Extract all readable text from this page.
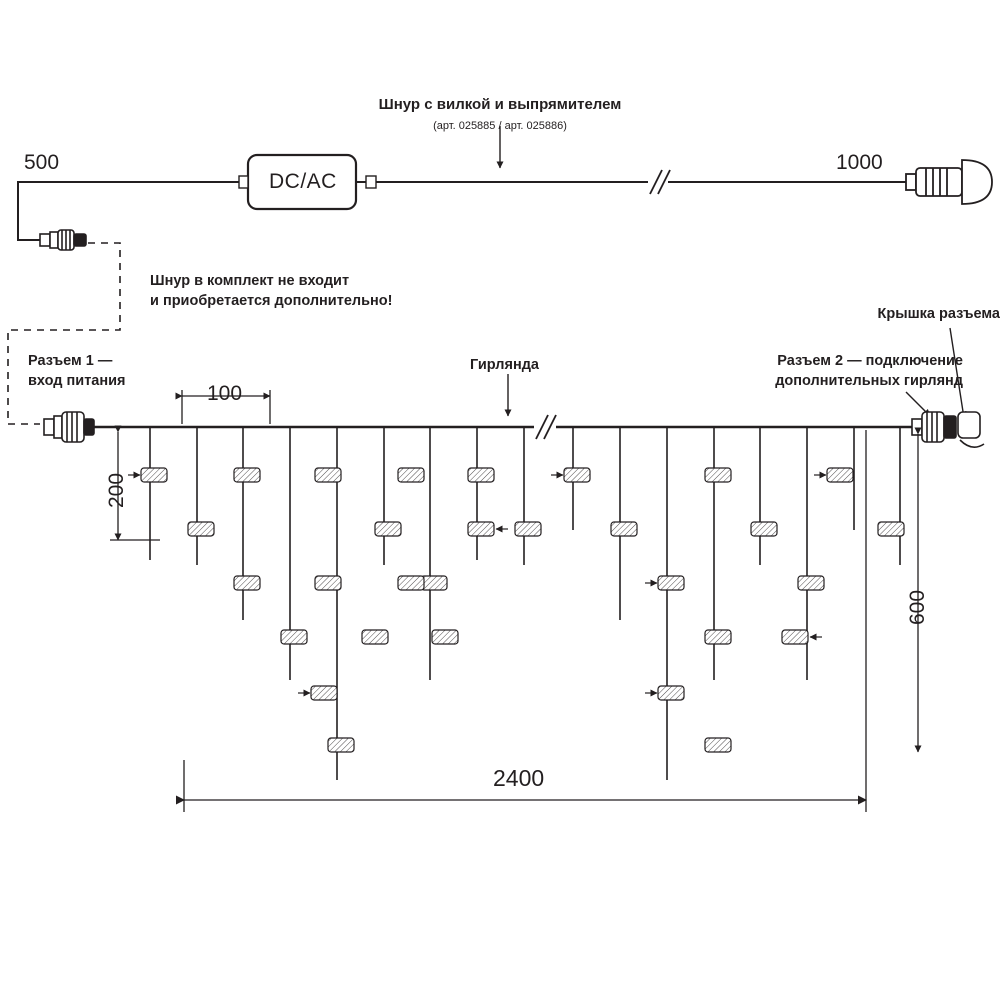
500	1000
DC/AC
Шнур с вилкой и выпрямителем
(арт. 025885 / арт. 025886)
Шнур в комплект не входит
и приобретается дополнительно!
Разъем 1 —
вход питания
Гирлянда	Разъем 2 — подключение
дополнительных гирлянд
Крышка разъема
100
200
600
2400
